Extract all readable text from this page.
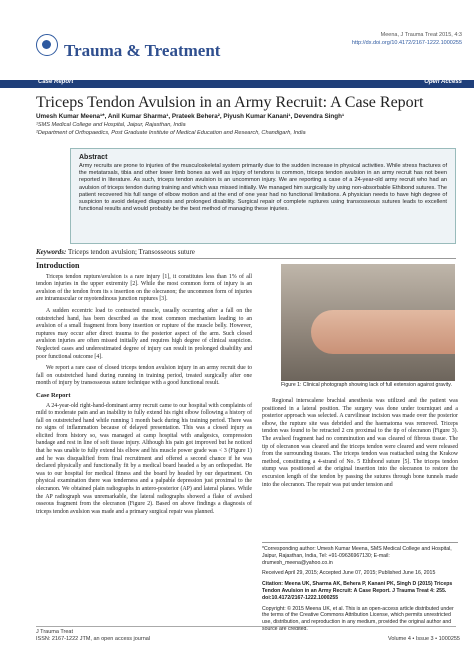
Trauma & Treatment
Meena, J Trauma Treat 2015, 4:3
http://dx.doi.org/10.4172/2167-1222.1000255
Case Report	Open Access
Triceps Tendon Avulsion in an Army Recruit: A Case Report
Umesh Kumar Meena¹*, Anil Kumar Sharma¹, Prateek Behera², Piyush Kumar Kanani¹, Devendra Singh¹
¹SMS Medical College and Hospital, Jaipur, Rajasthan, India
²Department of Orthopaedics, Post Graduate Institute of Medical Education and Research, Chandigarh, India
Abstract
Army recruits are prone to injuries of the musculoskeletal system primarily due to the sudden increase in physical activities. While stress fractures of the metatarsals, tibia and other lower limb bones as well as injury of tendons is common, triceps tendon avulsion in an army recruit has not been reported in literature. As such, triceps tendon avulsion is an uncommon injury. We are reporting a case of a 24-year-old army recruit who had an avulsion of triceps tendon during training and which was missed initially. We managed him surgically by using non-absorbable Ethibond sutures. The patient recovered his full range of elbow motion and at the end of one year had no functional limitations. A physician needs to have high degree of suspicion to avoid delayed diagnosis and prolonged disability. Surgical repair of complete ruptures using transosseous sutures leads to excellent functional results and would probably be the best method of managing these injuries.
Keywords: Triceps tendon avulsion; Transosseous suture
Introduction

Triceps tendon rupture/avulsion is a rare injury [1], it constitutes less than 1% of all tendon injuries in the upper extremity [2]. While the most common form of injury is an avulsion of the tendon from its s insertion on the olecranon; the uncommon form of injuries are intramuscular or myotendinous junction ruptures [3].

A sudden eccentric load to contracted muscle, usually occurring after a fall on the outstretched hand, has been described as the most common mechanism leading to an avulsion of a small fragment from bony insertion or rupture of the muscle belly. However, ruptures may occur after direct trauma to the posterior aspect of the arm. Such closed avulsion injuries are often missed initially and requires high degree of clinical suspicion. Neglected cases and underestimated degree of injury can result in prolonged disability and poor functional outcome [4].

We report a rare case of closed triceps tendon avulsion injury in an army recruit due to fall on outstretched hand during running in training period, treated surgically after one month of injury by transosseous suture technique with a good functional result.

Case Report

A 24-year-old right-hand-dominant army recruit came to our hospital with complaints of mild to moderate pain and an inability to fully extend his right elbow following a history of fall on outstretched hand while running 1 month back during his training period. There was no signs of inflammation because of delayed presentation. This was a closed injury as elicited from history so, was managed at camp hospital with analgesics, compression bandage and rest in line of soft tissue injury. Although his pain got improved but he noticed that he was unable to fully extend his elbow and his muscle power grade was < 3 (Figure 1) and he was disqualified from final recruitment and offered a second chance if he was declared physically and functionally fit by a medical board headed a by an orthopedist. He was to our hospital for medical fitness and the board by headed by our department. On physical examination there was tenderness and a palpable depression just proximal to the olecranon. We obtained plain radiographs in antero-posterior (AP) and lateral planes. While the AP radiograph was unremarkable, the lateral radiographs showed a flake of avulsed osseous fragment from the olecranon (Figure 2). Based on above findings a diagnosis of triceps tendon avulsion was made and a primary surgical repair was planned.

Figure 1: Clinical photograph showing lack of full extension against gravity.

Regional interscalene brachial anesthesia was utilized and the patient was positioned in a lateral position. The surgery was done under tourniquet and a posterior approach was selected. A curvilinear incision was made over the posterior elbow, the rupture site was debrided and the haematoma was removed. Triceps tendon was found to be retracted 2 cm proximal to the tip of olecranon (Figure 3). The avulsed fragment had no comminution and was cleared of fibrous tissue. The tip of olecranon was cleared and the triceps tendon were cleared and were released from the surrounding tissues. The triceps tendon was reattached using the Krakow method, constituting a 4-strand of No. 5 Ethibond suture [5]. The triceps tendon stump was positioned at the original insertion into the olecranon to restore the excursion length of the tendon by passing the sutures through bone tunnels made into the olecranon. The repair was put under tension and

*Corresponding author: Umesh Kumar Meena, SMS Medical College and Hospital, Jaipur, Rajasthan, India, Tel: +91-09636967130; E-mail: drumesh_meena@yahoo.co.in

Received April 29, 2015; Accepted June 07, 2015; Published June 16, 2015

Citation: Meena UK, Sharma AK, Behera P, Kanani PK, Singh D (2015) Triceps Tendon Avulsion in an Army Recruit: A Case Report. J Trauma Treat 4: 255. doi:10.4172/2167-1222.1000255

Copyright: © 2015 Meena UK, et al. This is an open-access article distributed under the terms of the Creative Commons Attribution License, which permits unrestricted use, distribution, and reproduction in any medium, provided the original author and source are credited.

J Trauma Treat
ISSN: 2167-1222 JTM, an open access journal	Volume 4 • Issue 3 • 1000255
